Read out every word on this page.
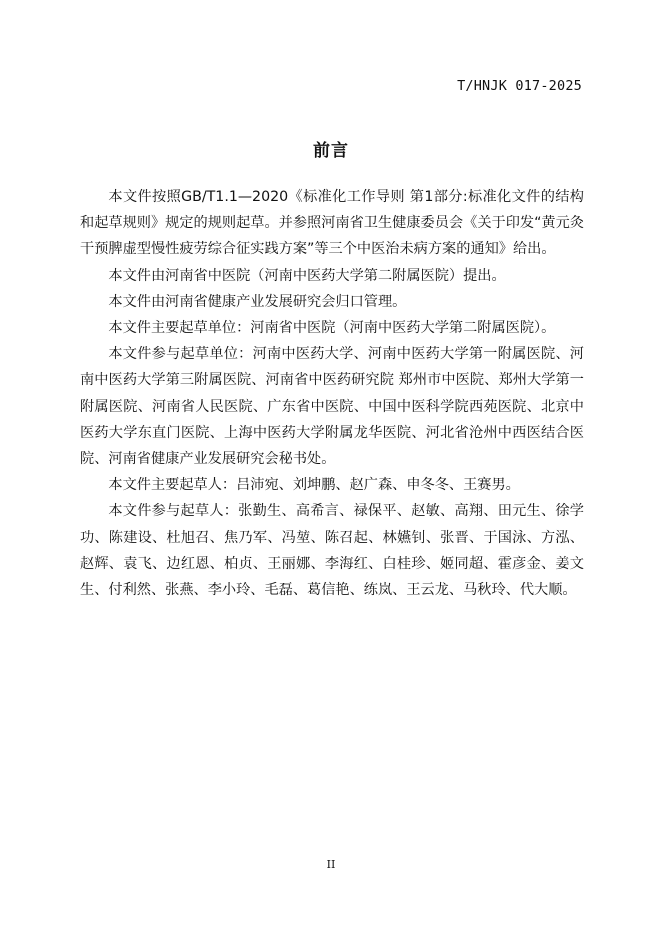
T/HNJK 017-2025
前言

本文件按照GB/T1.1—2020《标准化工作导则 第1部分:标准化文件的结构和起草规则》规定的规则起草。并参照河南省卫生健康委员会《关于印发“黄元灸干预脾虚型慢性疲劳综合征实践方案”等三个中医治未病方案的通知》给出。

本文件由河南省中医院（河南中医药大学第二附属医院）提出。

本文件由河南省健康产业发展研究会归口管理。

本文件主要起草单位：河南省中医院（河南中医药大学第二附属医院）。

本文件参与起草单位：河南中医药大学、河南中医药大学第一附属医院、河南中医药大学第三附属医院、河南省中医药研究院 郑州市中医院、郑州大学第一附属医院、河南省人民医院、广东省中医院、中国中医科学院西苑医院、北京中医药大学东直门医院、上海中医药大学附属龙华医院、河北省沧州中西医结合医院、河南省健康产业发展研究会秘书处。

本文件主要起草人：吕沛宛、刘坤鹏、赵广森、申冬冬、王赛男。

本文件参与起草人：张勤生、高希言、禄保平、赵敏、高翔、田元生、徐学功、陈建设、杜旭召、焦乃军、冯堃、陈召起、林嬿钊、张晋、于国泳、方泓、赵辉、袁飞、边红恩、柏贞、王丽娜、李海红、白桂珍、姬同超、霍彦金、姜文生、付利然、张燕、李小玲、毛磊、葛信艳、练岚、王云龙、马秋玲、代大顺。

II
